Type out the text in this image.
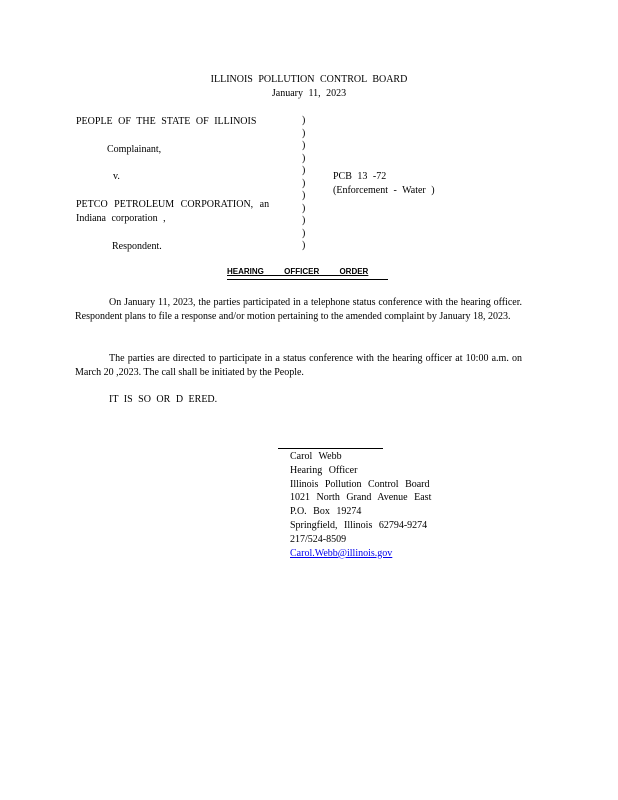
ILLINOIS POLLUTION CONTROL BOARD
January 11, 2023
PEOPLE OF THE STATE OF ILLINOIS
Complainant,
v.
PETCO PETROLEUM CORPORATION, an
Indiana corporation ,
Respondent.
)
)
)
)
)
)
)
)
)
)
)
PCB 13 -72
(Enforcement - Water )
HEARING OFFICER ORDER
On January 11, 2023, the parties participated in a telephone status conference with the hearing officer. Respondent plans to file a response and/or motion pertaining to the amended complaint by January 18, 2023.
The parties are directed to participate in a status conference with the hearing officer at 10:00 a.m. on March 20 ,2023. The call shall be initiated by the People.
IT IS SO OR D ERED.
Carol Webb
Hearing Officer
Illinois Pollution Control Board
1021 North Grand Avenue East
P.O. Box 19274
Springfield, Illinois 62794-9274
217/524-8509
Carol.Webb@illinois.gov
